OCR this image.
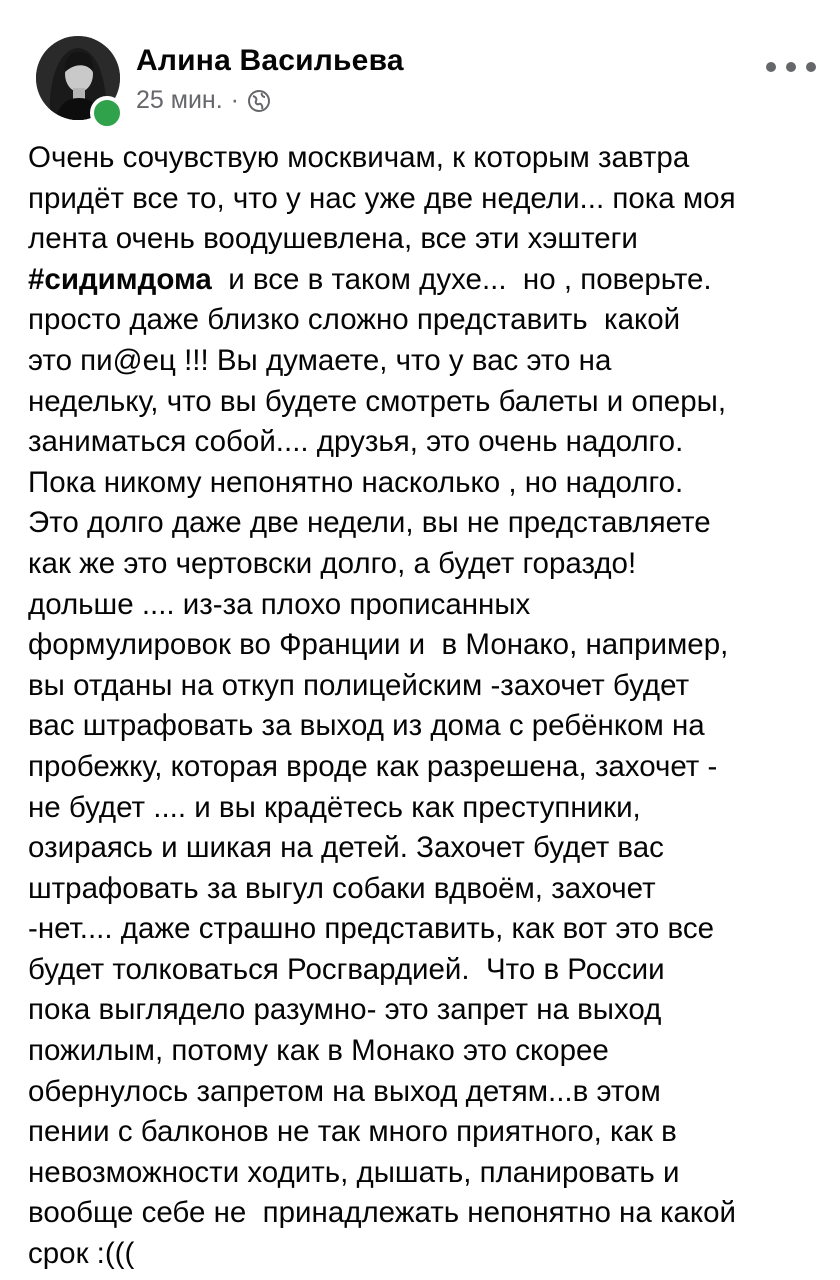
Алина Васильева
25 мин. ·
Очень сочувствую москвичам, к которым завтра
придёт все то, что у нас уже две недели... пока моя
лента очень воодушевлена, все эти хэштеги
#сидимдома  и все в таком духе...  но , поверьте.
просто даже близко сложно представить  какой
это пи@ец !!! Вы думаете, что у вас это на
недельку, что вы будете смотреть балеты и оперы,
заниматься собой.... друзья, это очень надолго.
Пока никому непонятно насколько , но надолго.
Это долго даже две недели, вы не представляете
как же это чертовски долго, а будет гораздо!
дольше .... из-за плохо прописанных
формулировок во Франции и  в Монако, например,
вы отданы на откуп полицейским -захочет будет
вас штрафовать за выход из дома с ребёнком на
пробежку, которая вроде как разрешена, захочет -
не будет .... и вы крадётесь как преступники,
озираясь и шикая на детей. Захочет будет вас
штрафовать за выгул собаки вдвоём, захочет
-нет.... даже страшно представить, как вот это все
будет толковаться Росгвардией.  Что в России
пока выглядело разумно- это запрет на выход
пожилым, потому как в Монако это скорее
обернулось запретом на выход детям...в этом
пении с балконов не так много приятного, как в
невозможности ходить, дышать, планировать и
вообще себе не  принадлежать непонятно на какой
срок :(((
